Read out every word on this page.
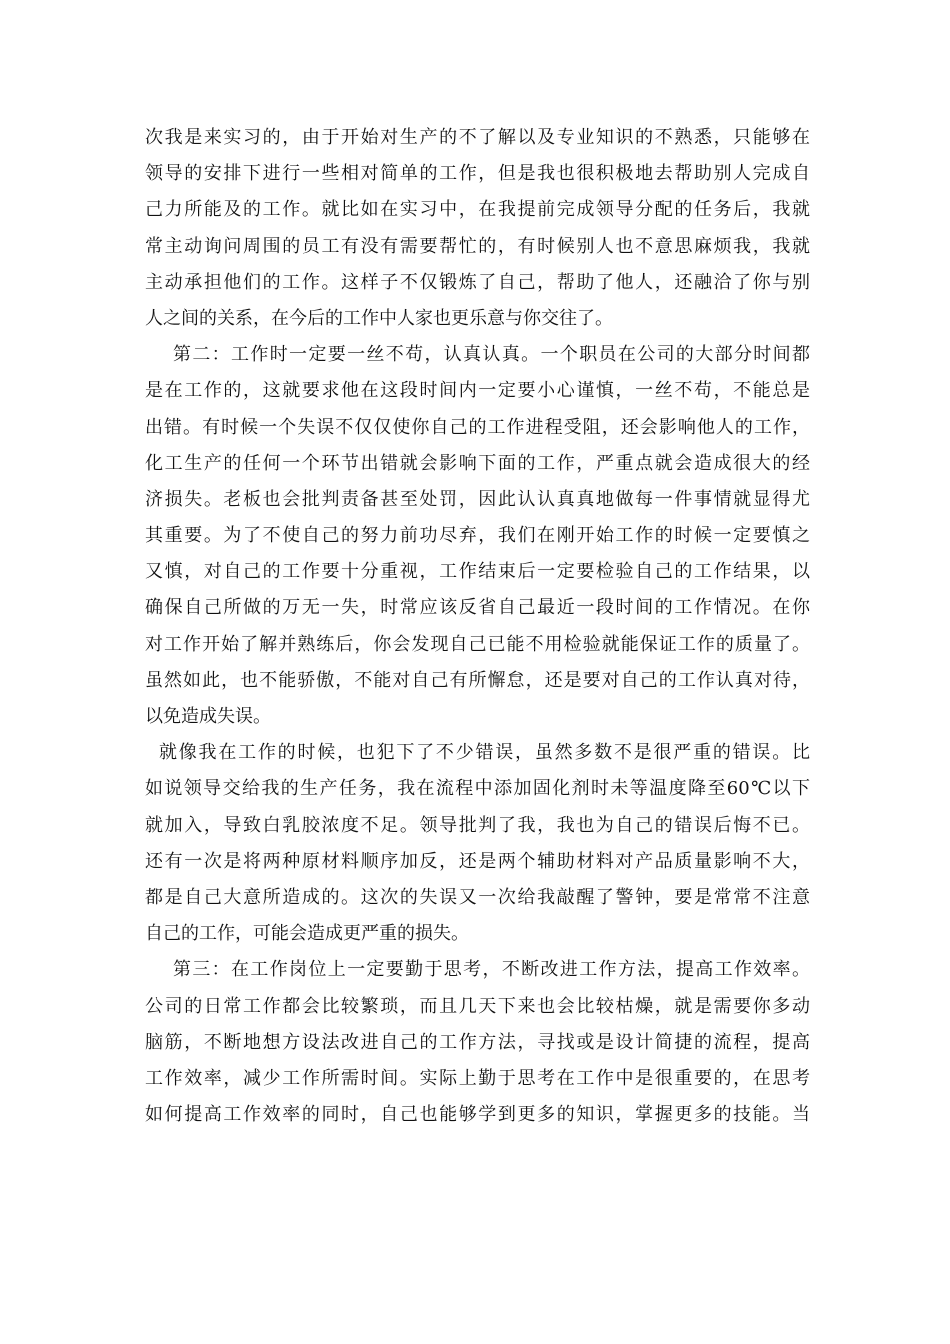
次我是来实习的，由于开始对生产的不了解以及专业知识的不熟悉，只能够在
领导的安排下进行一些相对简单的工作，但是我也很积极地去帮助别人完成自
己力所能及的工作。就比如在实习中，在我提前完成领导分配的任务后，我就
常主动询问周围的员工有没有需要帮忙的，有时候别人也不意思麻烦我，我就
主动承担他们的工作。这样子不仅锻炼了自己，帮助了他人，还融洽了你与别
人之间的关系，在今后的工作中人家也更乐意与你交往了。
第二：工作时一定要一丝不苟，认真认真。一个职员在公司的大部分时间都
是在工作的，这就要求他在这段时间内一定要小心谨慎，一丝不苟，不能总是
出错。有时候一个失误不仅仅使你自己的工作进程受阻，还会影响他人的工作，
化工生产的任何一个环节出错就会影响下面的工作，严重点就会造成很大的经
济损失。老板也会批判责备甚至处罚，因此认认真真地做每一件事情就显得尤
其重要。为了不使自己的努力前功尽弃，我们在刚开始工作的时候一定要慎之
又慎，对自己的工作要十分重视，工作结束后一定要检验自己的工作结果，以
确保自己所做的万无一失，时常应该反省自己最近一段时间的工作情况。在你
对工作开始了解并熟练后，你会发现自己已能不用检验就能保证工作的质量了。
虽然如此，也不能骄傲，不能对自己有所懈怠，还是要对自己的工作认真对待，
以免造成失误。
就像我在工作的时候，也犯下了不少错误，虽然多数不是很严重的错误。比
如说领导交给我的生产任务，我在流程中添加固化剂时未等温度降至60℃以下
就加入，导致白乳胶浓度不足。领导批判了我，我也为自己的错误后悔不已。
还有一次是将两种原材料顺序加反，还是两个辅助材料对产品质量影响不大，
都是自己大意所造成的。这次的失误又一次给我敲醒了警钟，要是常常不注意
自己的工作，可能会造成更严重的损失。
第三：在工作岗位上一定要勤于思考，不断改进工作方法，提高工作效率。
公司的日常工作都会比较繁琐，而且几天下来也会比较枯燥，就是需要你多动
脑筋，不断地想方设法改进自己的工作方法，寻找或是设计简捷的流程，提高
工作效率，减少工作所需时间。实际上勤于思考在工作中是很重要的，在思考
如何提高工作效率的同时，自己也能够学到更多的知识，掌握更多的技能。当
